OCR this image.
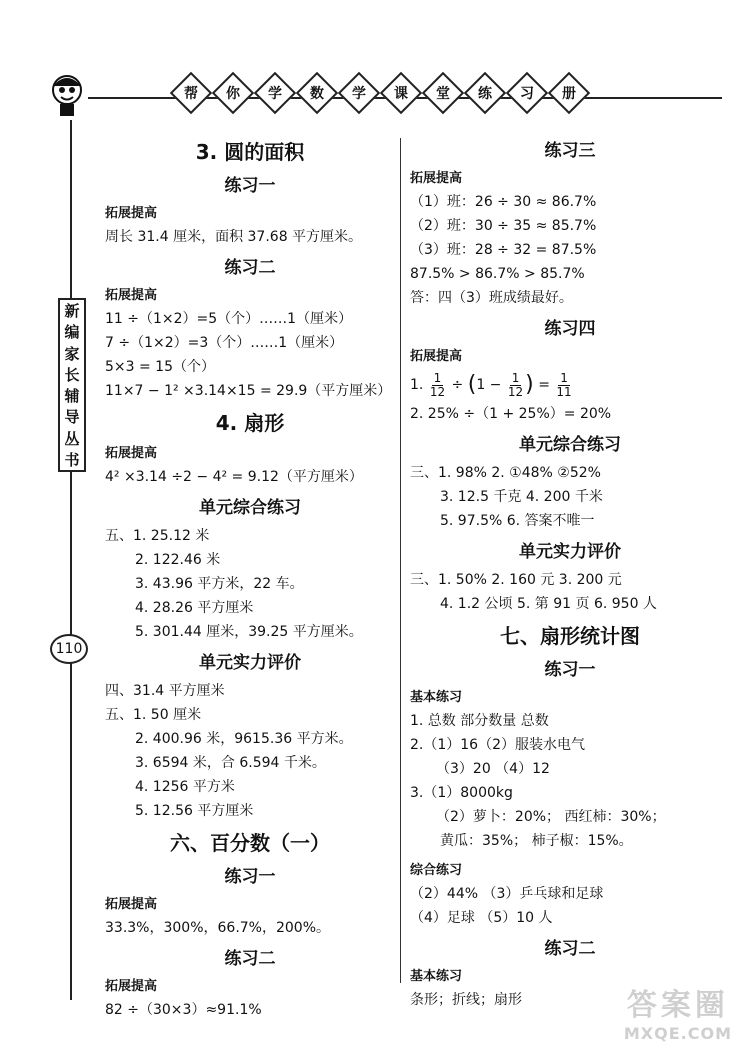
帮 你 学 数 学 课 堂 练 习 册
新
编
家
长
辅
导
丛
书
110
3. 圆的面积
练习一
拓展提高
周长 31.4 厘米，面积 37.68 平方厘米。
练习二
拓展提高
11 ÷（1×2）=5（个）……1（厘米）
7 ÷（1×2）=3（个）……1（厘米）
5×3 = 15（个）
11×7 − 1² ×3.14×15 = 29.9（平方厘米）
4. 扇形
拓展提高
4² ×3.14 ÷2 − 4² = 9.12（平方厘米）
单元综合练习
五、1. 25.12 米
2. 122.46 米
3. 43.96 平方米，22 车。
4. 28.26 平方厘米
5. 301.44 厘米，39.25 平方厘米。
单元实力评价
四、31.4 平方厘米
五、1. 50 厘米
2. 400.96 米，9615.36 平方米。
3. 6594 米，合 6.594 千米。
4. 1256 平方米
5. 12.56 平方厘米
六、百分数（一）
练习一
拓展提高
33.3%，300%，66.7%，200%。
练习二
拓展提高
82 ÷（30×3）≈91.1%
练习三
拓展提高
（1）班：26 ÷ 30 ≈ 86.7%
（2）班：30 ÷ 35 ≈ 85.7%
（3）班：28 ÷ 32 = 87.5%
87.5% > 86.7% > 85.7%
答：四（3）班成绩最好。
练习四
拓展提高
1. $\frac{1}{12} \div (1 - \frac{1}{12}$ ) = $\frac{1}{11}$
2. 25% ÷（1 + 25%）= 20%
单元综合练习
三、1. 98% 2. ①48% ②52%
3. 12.5 千克 4. 200 千米
5. 97.5% 6. 答案不唯一
单元实力评价
三、1. 50% 2. 160 元 3. 200 元
4. 1.2 公顷 5. 第 91 页 6. 950 人
七、扇形统计图
练习一
基本练习
1. 总数 部分数量 总数
2.（1）16（2）服装水电气
（3）20 （4）12
3.（1）8000kg
（2）萝卜：20%； 西红柿：30%；
黄瓜：35%； 柿子椒：15%。
综合练习
（2）44% （3）乒乓球和足球
（4）足球 （5）10 人
练习二
基本练习
条形；折线；扇形	答案圈
MXQE.COM
